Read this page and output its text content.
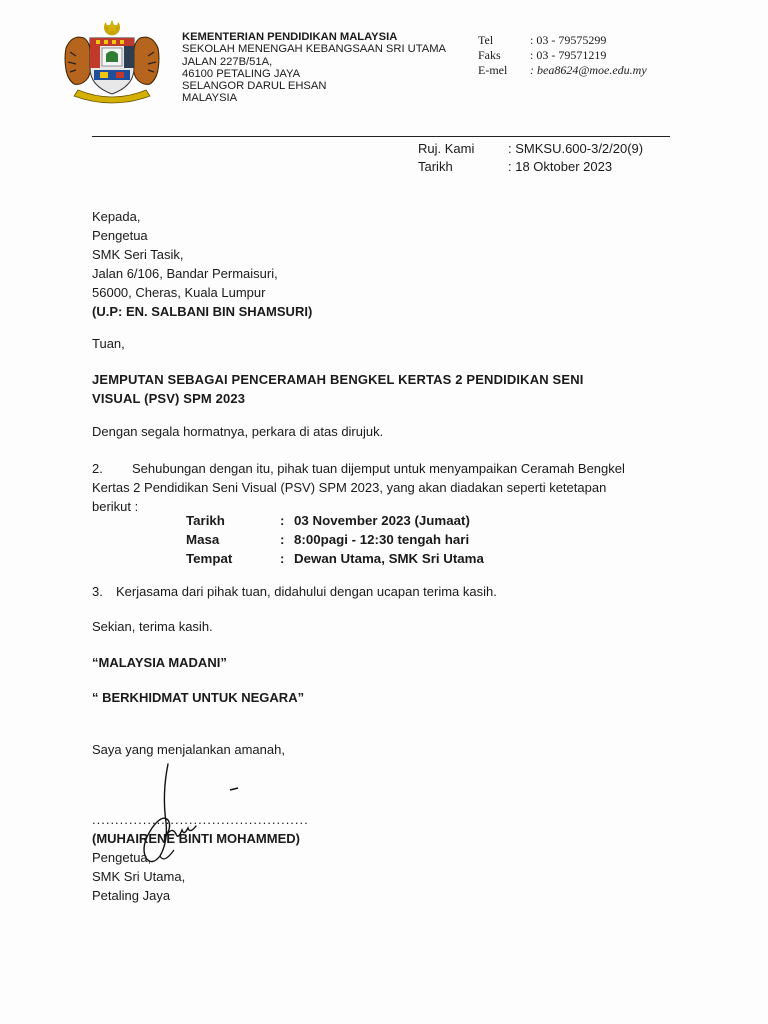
KEMENTERIAN PENDIDIKAN MALAYSIA
SEKOLAH MENENGAH KEBANGSAAN SRI UTAMA
JALAN 227B/51A,
46100 PETALING JAYA
SELANGOR DARUL EHSAN
MALAYSIA
Tel	: 03 - 79575299
Faks	: 03 - 79571219
E-mel	: bea8624@moe.edu.my
Ruj. Kami	: SMKSU.600-3/2/20(9)
Tarikh	: 18 Oktober 2023
Kepada,
Pengetua
SMK Seri Tasik,
Jalan 6/106, Bandar Permaisuri,
56000, Cheras, Kuala Lumpur
(U.P: EN. SALBANI BIN SHAMSURI)
Tuan,
JEMPUTAN SEBAGAI PENCERAMAH BENGKEL KERTAS 2 PENDIDIKAN SENI
VISUAL (PSV) SPM 2023
Dengan segala hormatnya, perkara di atas dirujuk.
2. Sehubungan dengan itu, pihak tuan dijemput untuk menyampaikan Ceramah Bengkel
Kertas 2 Pendidikan Seni Visual (PSV) SPM 2023, yang akan diadakan seperti ketetapan
berikut :
Tarikh	: 03 November 2023 (Jumaat)
Masa	: 8:00pagi - 12:30 tengah hari
Tempat	: Dewan Utama, SMK Sri Utama
3. Kerjasama dari pihak tuan, didahului dengan ucapan terima kasih.
Sekian, terima kasih.
“MALAYSIA MADANI”
“ BERKHIDMAT UNTUK NEGARA”
Saya yang menjalankan amanah,
...............................................
(MUHAIRENE BINTI MOHAMMED)
Pengetua,
SMK Sri Utama,
Petaling Jaya
